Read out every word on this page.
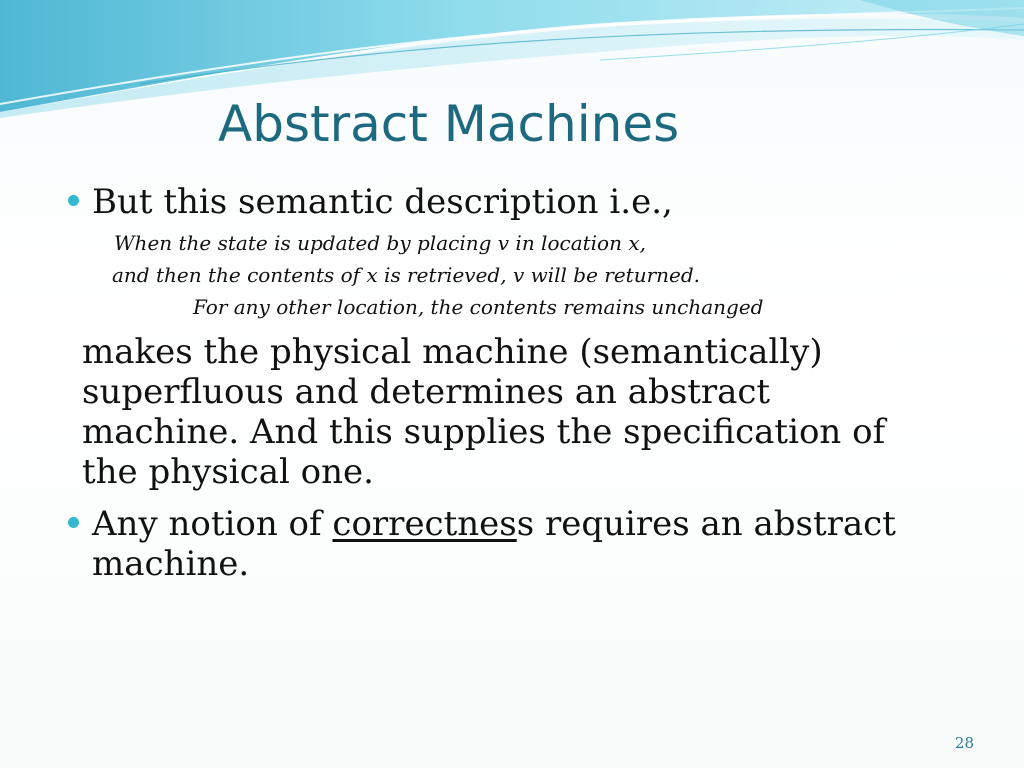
Abstract Machines

But this semantic description i.e.,

When the state is updated by placing v in location x,

and then the contents of x is retrieved, v will be returned.

For any other location, the contents remains unchanged

makes the physical machine (semantically)

superfluous and determines an abstract

machine. And this supplies the specification of

the physical one.

Any notion of correctness requires an abstract

machine.

28
